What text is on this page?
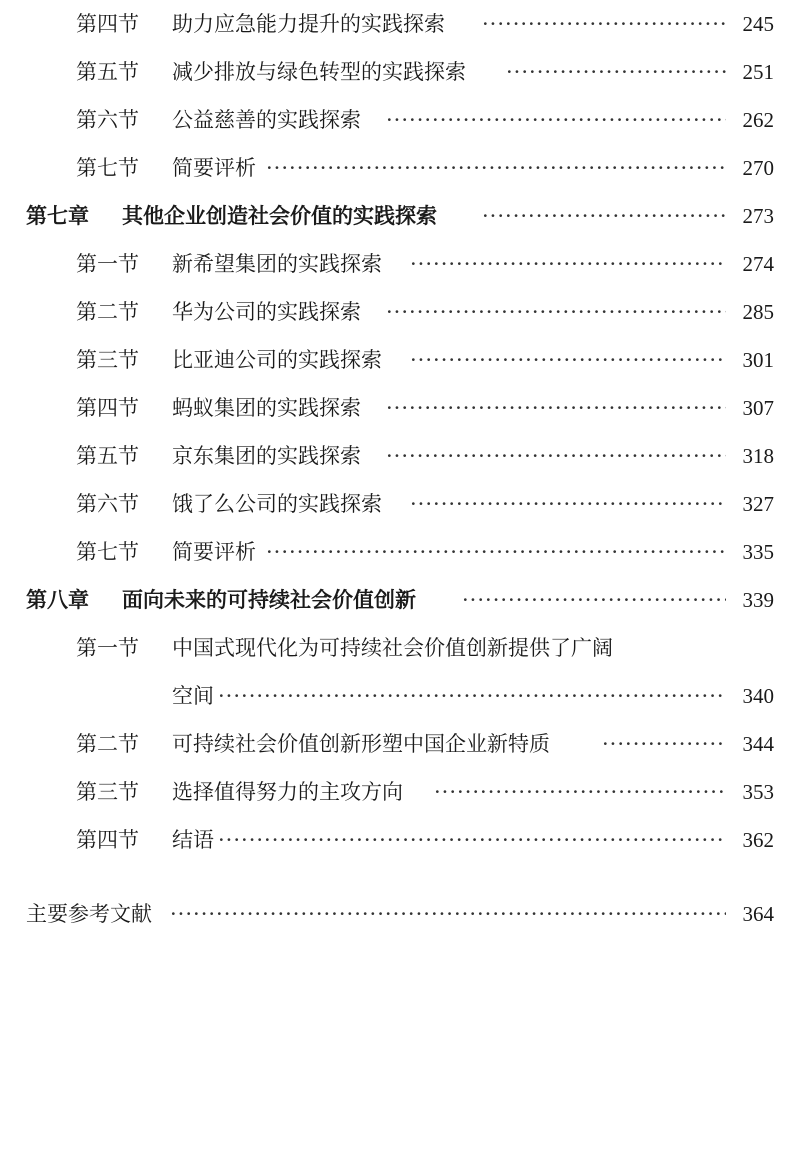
第四节 助力应急能力提升的实践探索 ·····	245
第五节 减少排放与绿色转型的实践探索 ·····	251
第六节 公益慈善的实践探索 ·····	262
第七节 简要评析 ·····	270
第七章 其他企业创造社会价值的实践探索 ·····	273
第一节 新希望集团的实践探索 ·····	274
第二节 华为公司的实践探索 ·····	285
第三节 比亚迪公司的实践探索 ·····	301
第四节 蚂蚁集团的实践探索 ·····	307
第五节 京东集团的实践探索 ·····	318
第六节 饿了么公司的实践探索 ·····	327
第七节 简要评析 ·····	335
第八章 面向未来的可持续社会价值创新 ·····	339
第一节 中国式现代化为可持续社会价值创新提供了广阔
空间 ·····	340
第二节 可持续社会价值创新形塑中国企业新特质 ·····	344
第三节 选择值得努力的主攻方向 ·····	353
第四节 结语 ·····	362
主要参考文献 ·····	364
